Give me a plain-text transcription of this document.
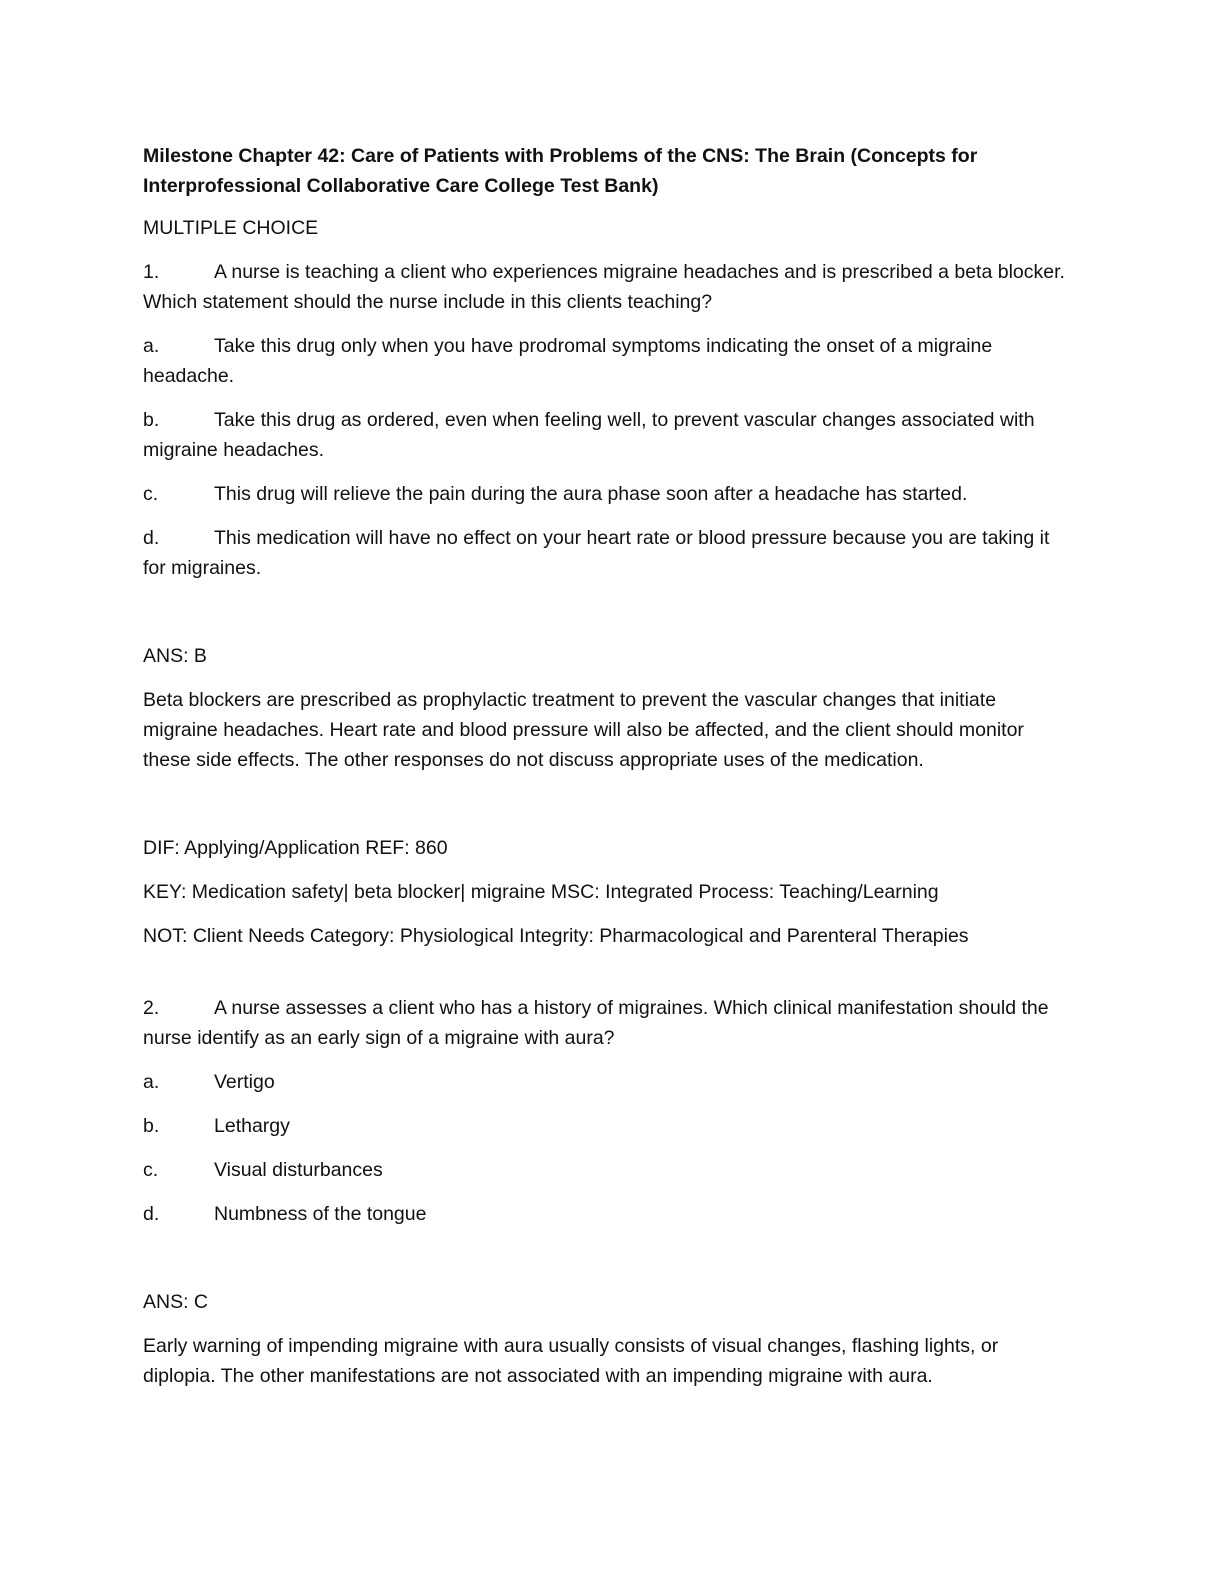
Milestone Chapter 42: Care of Patients with Problems of the CNS: The Brain (Concepts for Interprofessional Collaborative Care College Test Bank)
MULTIPLE CHOICE
1.	A nurse is teaching a client who experiences migraine headaches and is prescribed a beta blocker. Which statement should the nurse include in this clients teaching?
a.	Take this drug only when you have prodromal symptoms indicating the onset of a migraine headache.
b.	Take this drug as ordered, even when feeling well, to prevent vascular changes associated with migraine headaches.
c.	This drug will relieve the pain during the aura phase soon after a headache has started.
d.	This medication will have no effect on your heart rate or blood pressure because you are taking it for migraines.
ANS: B
Beta blockers are prescribed as prophylactic treatment to prevent the vascular changes that initiate migraine headaches. Heart rate and blood pressure will also be affected, and the client should monitor these side effects. The other responses do not discuss appropriate uses of the medication.
DIF: Applying/Application REF: 860
KEY: Medication safety| beta blocker| migraine MSC: Integrated Process: Teaching/Learning
NOT: Client Needs Category: Physiological Integrity: Pharmacological and Parenteral Therapies
2.	A nurse assesses a client who has a history of migraines. Which clinical manifestation should the nurse identify as an early sign of a migraine with aura?
a.	Vertigo
b.	Lethargy
c.	Visual disturbances
d.	Numbness of the tongue
ANS: C
Early warning of impending migraine with aura usually consists of visual changes, flashing lights, or diplopia. The other manifestations are not associated with an impending migraine with aura.
